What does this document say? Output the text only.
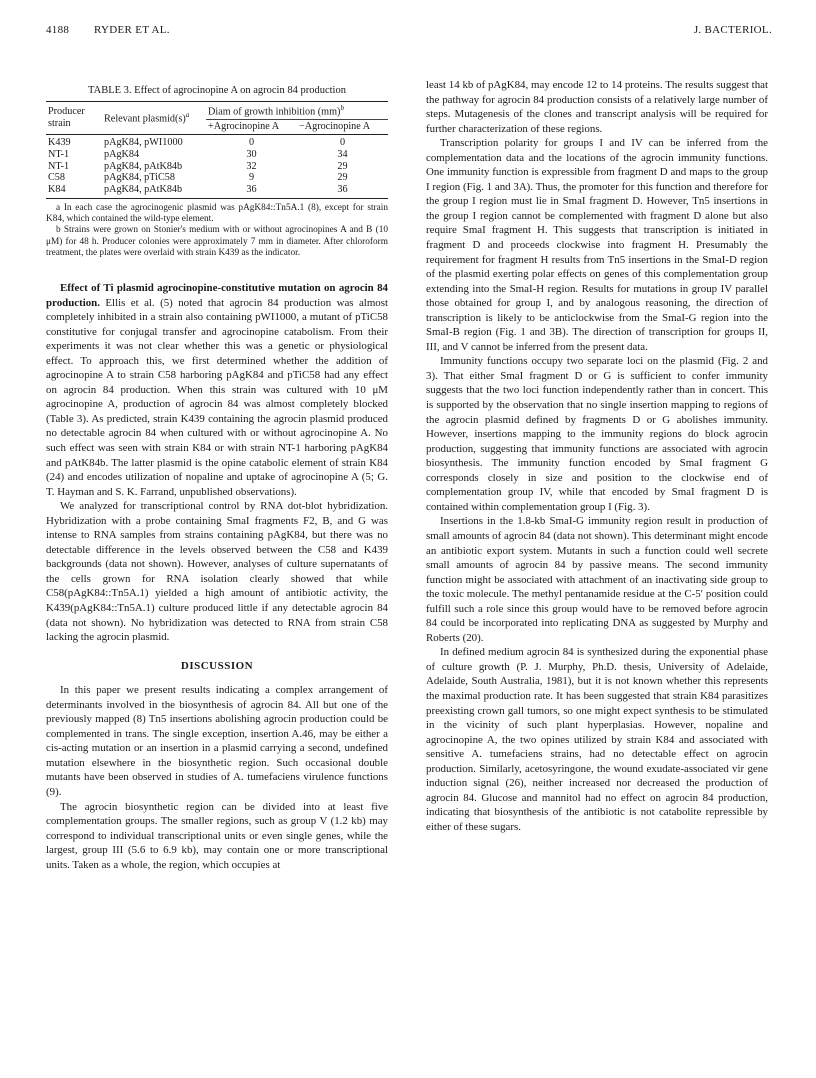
4188 RYDER ET AL.	J. BACTERIOL.
TABLE 3. Effect of agrocinopine A on agrocin 84 production
Producer strain	Relevant $plasmid(s)^a$	Diam of growth inhibition (mm)$^b$
		+Agrocinopine A	−Agrocinopine A
K439	pAgK84, pWI1000	0	0
NT-1	pAgK84	30	34
NT-1	pAgK84, pAtK84b	32	29
C58	pAgK84, pTiC58	9	29
K84	pAgK84, pAtK84b	36	36

a In each case the agrocinogenic plasmid was pAgK84::Tn5A.1 (8), except for strain K84, which contained the wild-type element.

b Strains were grown on Stonier's medium with or without agrocinopines A and B (10 μM) for 48 h. Producer colonies were approximately 7 mm in diameter. After chloroform treatment, the plates were overlaid with strain K439 as the indicator.

Effect of Ti plasmid agrocinopine-constitutive mutation on agrocin 84 production. Ellis et al. (5) noted that agrocin 84 production was almost completely inhibited in a strain also containing pWI1000, a mutant of pTiC58 constitutive for conjugal transfer and agrocinopine catabolism. From their experiments it was not clear whether this was a genetic or physiological effect. To approach this, we first determined whether the addition of agrocinopine A to strain C58 harboring pAgK84 and pTiC58 had any effect on agrocin 84 production. When this strain was cultured with 10 μM agrocinopine A, production of agrocin 84 was almost completely blocked (Table 3). As predicted, strain K439 containing the agrocin plasmid produced no detectable agrocin 84 when cultured with or without agrocinopine A. No such effect was seen with strain K84 or with strain NT-1 harboring pAgK84 and pAtK84b. The latter plasmid is the opine catabolic element of strain K84 (24) and encodes utilization of nopaline and uptake of agrocinopine A (5; G. T. Hayman and S. K. Farrand, unpublished observations).

We analyzed for transcriptional control by RNA dot-blot hybridization. Hybridization with a probe containing SmaI fragments F2, B, and G was intense to RNA samples from strains containing pAgK84, but there was no detectable difference in the levels observed between the C58 and K439 backgrounds (data not shown). However, analyses of culture supernatants of the cells grown for RNA isolation clearly showed that while C58(pAgK84::Tn5A.1) yielded a high amount of antibiotic activity, the K439(pAgK84::Tn5A.1) culture produced little if any detectable agrocin 84 (data not shown). No hybridization was detected to RNA from strain C58 lacking the agrocin plasmid.

DISCUSSION

In this paper we present results indicating a complex arrangement of determinants involved in the biosynthesis of agrocin 84. All but one of the previously mapped (8) Tn5 insertions abolishing agrocin production could be complemented in trans. The single exception, insertion A.46, may be either a cis-acting mutation or an insertion in a plasmid carrying a second, undefined mutation elsewhere in the biosynthetic region. Such occasional double mutants have been observed in studies of A. tumefaciens virulence functions (9).

The agrocin biosynthetic region can be divided into at least five complementation groups. The smaller regions, such as group V (1.2 kb) may correspond to individual transcriptional units or even single genes, while the largest, group III (5.6 to 6.9 kb), may contain one or more transcriptional units. Taken as a whole, the region, which occupies at

least 14 kb of pAgK84, may encode 12 to 14 proteins. The results suggest that the pathway for agrocin 84 production consists of a relatively large number of steps. Mutagenesis of the clones and transcript analysis will be required for further characterization of these regions.

Transcription polarity for groups I and IV can be inferred from the complementation data and the locations of the agrocin immunity functions. One immunity function is expressible from fragment D and maps to the group I region (Fig. 1 and 3A). Thus, the promoter for this function and therefore for the group I region must lie in SmaI fragment D. However, Tn5 insertions in the group I region cannot be complemented with fragment D alone but also require SmaI fragment H. This suggests that transcription is initiated in fragment D and proceeds clockwise into fragment H. Presumably the requirement for fragment H results from Tn5 insertions in the SmaI-D region of the plasmid exerting polar effects on genes of this complementation group extending into the SmaI-H region. Results for mutations in group IV parallel those obtained for group I, and by analogous reasoning, the direction of transcription is likely to be anticlockwise from the SmaI-G region into the SmaI-B region (Fig. 1 and 3B). The direction of transcription for groups II, III, and V cannot be inferred from the present data.

Immunity functions occupy two separate loci on the plasmid (Fig. 2 and 3). That either SmaI fragment D or G is sufficient to confer immunity suggests that the two loci function independently rather than in concert. This is supported by the observation that no single insertion mapping to regions of the agrocin plasmid defined by fragments D or G abolishes immunity. However, insertions mapping to the immunity regions do block agrocin production, suggesting that immunity functions are associated with agrocin biosynthesis. The immunity function encoded by SmaI fragment G corresponds closely in size and position to the clockwise end of complementation group IV, while that encoded by SmaI fragment D is contained within complementation group I (Fig. 3).

Insertions in the 1.8-kb SmaI-G immunity region result in production of small amounts of agrocin 84 (data not shown). This determinant might encode an antibiotic export system. Mutants in such a function could well secrete small amounts of agrocin 84 by passive means. The second immunity function might be associated with attachment of an inactivating side group to the toxic molecule. The methyl pentanamide residue at the C-5′ position could fulfill such a role since this group would have to be removed before agrocin 84 could be incorporated into replicating DNA as suggested by Murphy and Roberts (20).

In defined medium agrocin 84 is synthesized during the exponential phase of culture growth (P. J. Murphy, Ph.D. thesis, University of Adelaide, Adelaide, South Australia, 1981), but it is not known whether this represents the maximal production rate. It has been suggested that strain K84 parasitizes preexisting crown gall tumors, so one might expect synthesis to be stimulated in the vicinity of such plant hyperplasias. However, nopaline and agrocinopine A, the two opines utilized by strain K84 and associated with sensitive A. tumefaciens strains, had no detectable effect on agrocin production. Similarly, acetosyringone, the wound exudate-associated vir gene induction signal (26), neither increased nor decreased the production of agrocin 84. Glucose and mannitol had no effect on agrocin 84 production, indicating that biosynthesis of the antibiotic is not catabolite repressible by either of these sugars.
